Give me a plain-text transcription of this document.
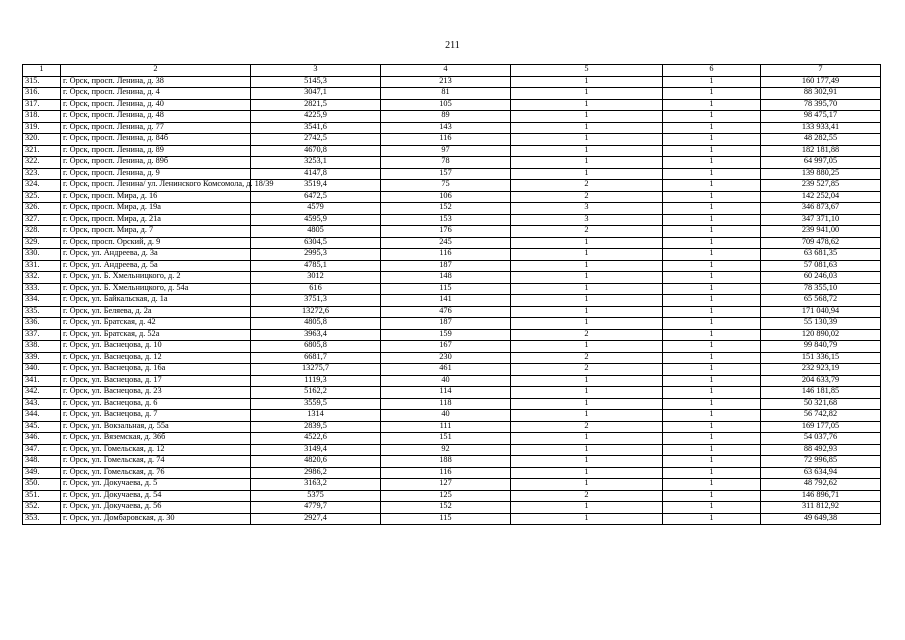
211
1	2	3	4	5	6	7
315.	г. Орск, просп. Ленина, д. 38	5145,3	213	1	1	160 177,49
316.	г. Орск, просп. Ленина, д. 4	3047,1	81	1	1	88 302,91
317.	г. Орск, просп. Ленина, д. 40	2821,5	105	1	1	78 395,70
318.	г. Орск, просп. Ленина, д. 48	4225,9	89	1	1	98 475,17
319.	г. Орск, просп. Ленина, д. 77	3541,6	143	1	1	133 933,41
320.	г. Орск, просп. Ленина, д. 84б	2742,5	116	1	1	48 282,55
321.	г. Орск, просп. Ленина, д. 89	4670,8	97	1	1	182 181,88
322.	г. Орск, просп. Ленина, д. 89б	3253,1	78	1	1	64 997,05
323.	г. Орск, просп. Ленина, д. 9	4147,8	157	1	1	139 880,25
324.	г. Орск, просп. Ленина/ ул. Ленинского Комсомола, д. 18/39	3519,4	75	2	1	239 527,85
325.	г. Орск, просп. Мира, д. 16	6472,5	106	2	1	142 252,04
326.	г. Орск, просп. Мира, д. 19а	4579	152	3	1	346 873,67
327.	г. Орск, просп. Мира, д. 21а	4595,9	153	3	1	347 371,10
328.	г. Орск, просп. Мира, д. 7	4805	176	2	1	239 941,00
329.	г. Орск, просп. Орский, д. 9	6304,5	245	1	1	709 478,62
330.	г. Орск, ул. Андреева, д. 3а	2995,3	116	1	1	63 681,35
331.	г. Орск, ул. Андреева, д. 5а	4785,1	187	1	1	57 081,63
332.	г. Орск, ул. Б. Хмельницкого, д. 2	3012	148	1	1	60 246,03
333.	г. Орск, ул. Б. Хмельницкого, д. 54а	616	115	1	1	78 355,10
334.	г. Орск, ул. Байкальская, д. 1а	3751,3	141	1	1	65 568,72
335.	г. Орск, ул. Беляева, д. 2а	13272,6	476	1	1	171 040,94
336.	г. Орск, ул. Братская, д. 42	4805,8	187	1	1	55 130,39
337.	г. Орск, ул. Братская, д. 52а	3963,4	159	2	1	120 890,02
338.	г. Орск, ул. Васнецова, д. 10	6805,8	167	1	1	99 840,79
339.	г. Орск, ул. Васнецова, д. 12	6681,7	230	2	1	151 336,15
340.	г. Орск, ул. Васнецова, д. 16а	13275,7	461	2	1	232 923,19
341.	г. Орск, ул. Васнецова, д. 17	1119,3	40	1	1	204 633,79
342.	г. Орск, ул. Васнецова, д. 23	5162,2	114	1	1	146 181,85
343.	г. Орск, ул. Васнецова, д. 6	3559,5	118	1	1	50 321,68
344.	г. Орск, ул. Васнецова, д. 7	1314	40	1	1	56 742,82
345.	г. Орск, ул. Вокзальная, д. 55а	2839,5	111	2	1	169 177,05
346.	г. Орск, ул. Вяземская, д. 36б	4522,6	151	1	1	54 037,76
347.	г. Орск, ул. Гомельская, д. 12	3149,4	92	1	1	88 492,93
348.	г. Орск, ул. Гомельская, д. 74	4820,6	188	1	1	72 996,85
349.	г. Орск, ул. Гомельская, д. 76	2986,2	116	1	1	63 634,94
350.	г. Орск, ул. Докучаева, д. 5	3163,2	127	1	1	48 792,62
351.	г. Орск, ул. Докучаева, д. 54	5375	125	2	1	146 896,71
352.	г. Орск, ул. Докучаева, д. 56	4779,7	152	1	1	311 812,92
353.	г. Орск, ул. Домбаровская, д. 30	2927,4	115	1	1	49 649,38
